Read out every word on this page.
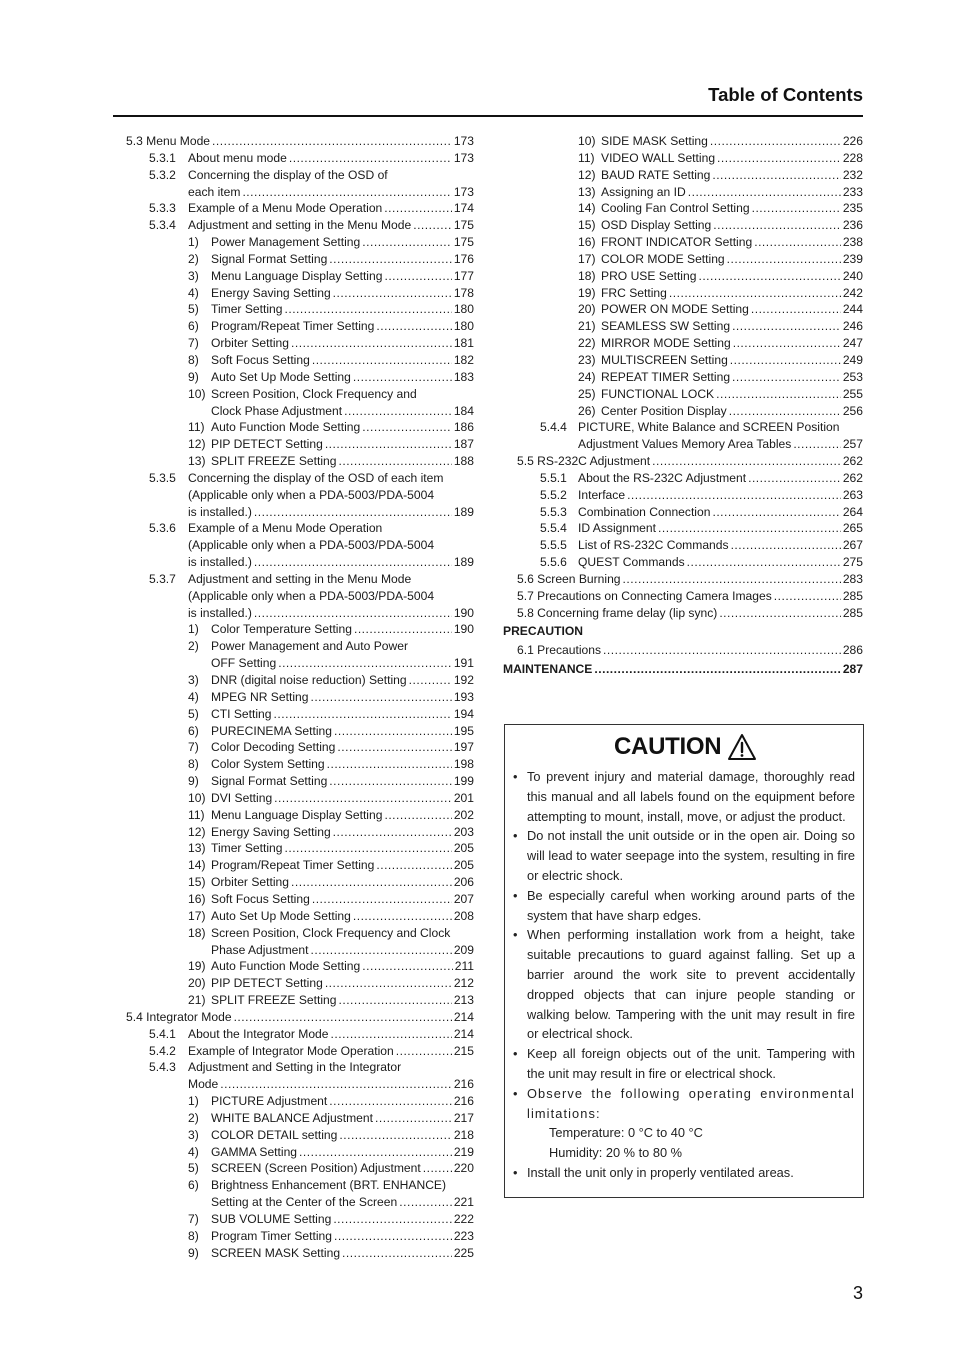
Table of Contents
5.3 Menu Mode .....	173
5.3.1 About menu mode .....	173
5.3.2 Concerning the display of the OSD of
each item .....	173
5.3.3 Example of a Menu Mode Operation .....	174
5.3.4 Adjustment and setting in the Menu Mode .....	175
1) Power Management Setting .....	175
2) Signal Format Setting .....	176
3) Menu Language Display Setting .....	177
4) Energy Saving Setting .....	178
5) Timer Setting .....	180
6) Program/Repeat Timer Setting .....	180
7) Orbiter Setting .....	181
8) Soft Focus Setting .....	182
9) Auto Set Up Mode Setting .....	183
10) Screen Position, Clock Frequency and
Clock Phase Adjustment .....	184
11) Auto Function Mode Setting .....	186
12) PIP DETECT Setting .....	187
13) SPLIT FREEZE Setting .....	188
5.3.5 Concerning the display of the OSD of each item
(Applicable only when a PDA-5003/PDA-5004
is installed.) .....	189
5.3.6 Example of a Menu Mode Operation
(Applicable only when a PDA-5003/PDA-5004
is installed.) .....	189
5.3.7 Adjustment and setting in the Menu Mode
(Applicable only when a PDA-5003/PDA-5004
is installed.) .....	190
1) Color Temperature Setting .....	190
2) Power Management and Auto Power
OFF Setting .....	191
3) DNR (digital noise reduction) Setting .....	192
4) MPEG NR Setting .....	193
5) CTI Setting .....	194
6) PURECINEMA Setting .....	195
7) Color Decoding Setting .....	197
8) Color System Setting .....	198
9) Signal Format Setting .....	199
10) DVI Setting .....	201
11) Menu Language Display Setting .....	202
12) Energy Saving Setting .....	203
13) Timer Setting .....	205
14) Program/Repeat Timer Setting .....	205
15) Orbiter Setting .....	206
16) Soft Focus Setting .....	207
17) Auto Set Up Mode Setting .....	208
18) Screen Position, Clock Frequency and Clock
Phase Adjustment .....	209
19) Auto Function Mode Setting .....	211
20) PIP DETECT Setting .....	212
21) SPLIT FREEZE Setting .....	213
5.4 Integrator Mode .....	214
5.4.1 About the Integrator Mode .....	214
5.4.2 Example of Integrator Mode Operation .....	215
5.4.3 Adjustment and Setting in the Integrator
Mode .....	216
1) PICTURE Adjustment .....	216
2) WHITE BALANCE Adjustment .....	217
3) COLOR DETAIL setting .....	218
4) GAMMA Setting .....	219
5) SCREEN (Screen Position) Adjustment .....	220
6) Brightness Enhancement (BRT. ENHANCE)
Setting at the Center of the Screen .....	221
7) SUB VOLUME Setting .....	222
8) Program Timer Setting .....	223
9) SCREEN MASK Setting .....	225
10) SIDE MASK Setting .....	226
11) VIDEO WALL Setting .....	228
12) BAUD RATE Setting .....	232
13) Assigning an ID .....	233
14) Cooling Fan Control Setting .....	235
15) OSD Display Setting .....	236
16) FRONT INDICATOR Setting .....	238
17) COLOR MODE Setting .....	239
18) PRO USE Setting .....	240
19) FRC Setting .....	242
20) POWER ON MODE Setting .....	244
21) SEAMLESS SW Setting .....	246
22) MIRROR MODE Setting .....	247
23) MULTISCREEN Setting .....	249
24) REPEAT TIMER Setting .....	253
25) FUNCTIONAL LOCK .....	255
26) Center Position Display .....	256
5.4.4 PICTURE, White Balance and SCREEN Position
Adjustment Values Memory Area Tables .....	257
5.5 RS-232C Adjustment .....	262
5.5.1 About the RS-232C Adjustment .....	262
5.5.2 Interface .....	263
5.5.3 Combination Connection .....	264
5.5.4 ID Assignment .....	265
5.5.5 List of RS-232C Commands .....	267
5.5.6 QUEST Commands .....	275
5.6 Screen Burning .....	283
5.7 Precautions on Connecting Camera Images .....	285
5.8 Concerning frame delay (lip sync) .....	285
PRECAUTION
6.1 Precautions .....	286
MAINTENANCE .....	287
CAUTION
• To prevent injury and material damage, thoroughly read this manual and all labels found on the equipment before attempting to mount, install, move, or adjust the product.
• Do not install the unit outside or in the open air. Doing so will lead to water seepage into the system, resulting in fire or electric shock.
• Be especially careful when working around parts of the system that have sharp edges.
• When performing installation work from a height, take suitable precautions to guard against falling. Set up a barrier around the work site to prevent accidentally dropped objects that can injure people standing or walking below. Tampering with the unit may result in fire or electrical shock.
• Keep all foreign objects out of the unit. Tampering with the unit may result in fire or electrical shock.
• Observe the following operating environmental limitations:
Temperature: 0 °C to 40 °C
Humidity: 20 % to 80 %
• Install the unit only in properly ventilated areas.
3
